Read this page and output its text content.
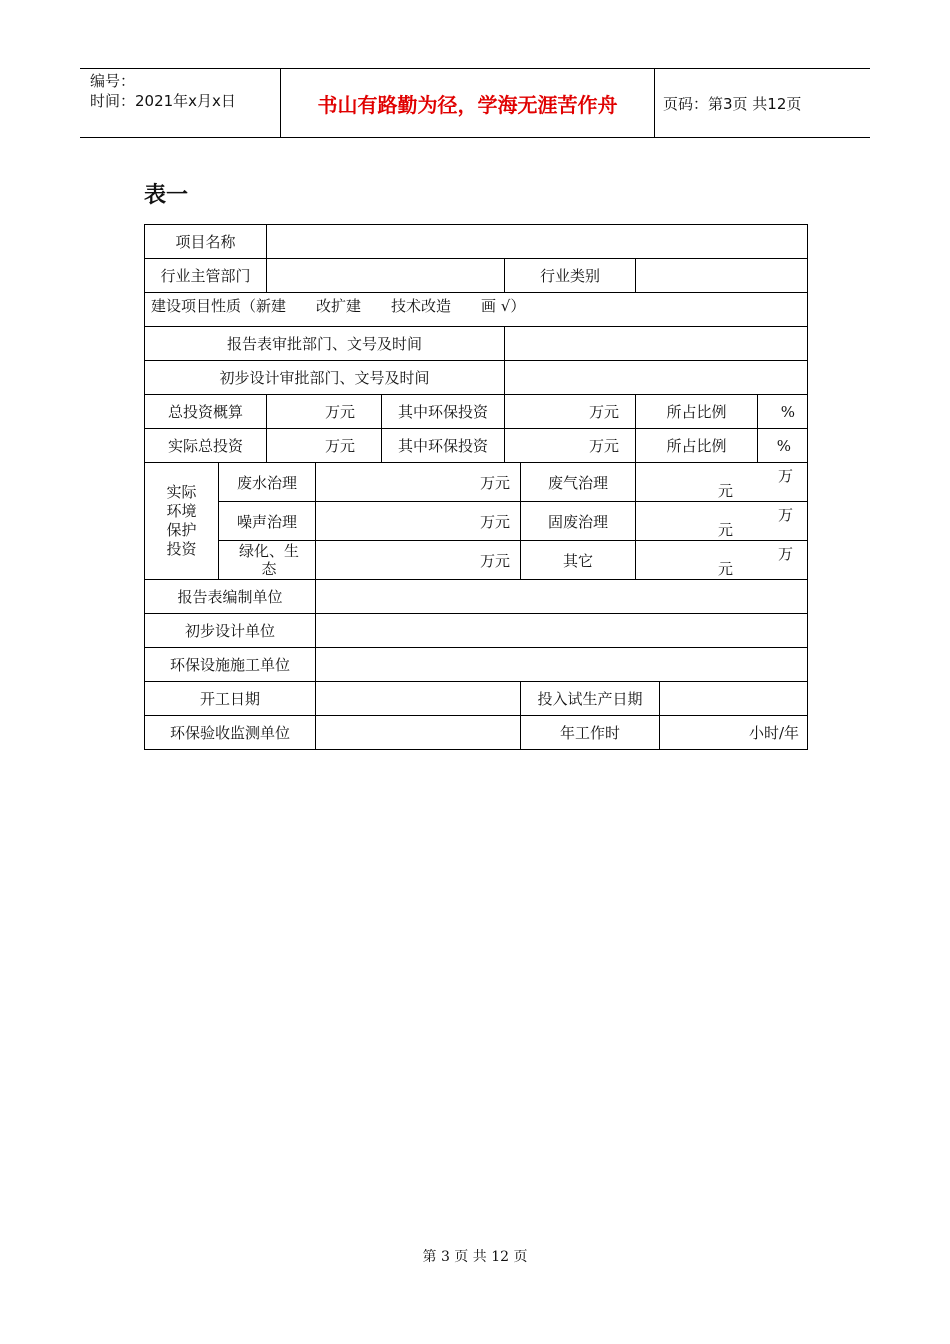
编号：
时间：2021年x月x日	书山有路勤为径，学海无涯苦作舟	页码：第3页 共12页
表一
项目名称									
行业主管部门					行业类别				
建设项目性质（新建　　改扩建　　技术改造　　画 √）									
报告表审批部门、文号及时间									
初步设计审批部门、文号及时间									
总投资概算		万元		其中环保投资	万元		所占比例		%
实际总投资		万元		其中环保投资	万元		所占比例		%
实际环境保护投资	废水治理		万元			废气治理	万
元		

	噪声治理		万元			固废治理	万
元		

	绿化、生态		万元			其它	万
元		

报告表编制单位									
初步设计单位									
环保设施施工单位									
开工日期						投入试生产日期			
环保验收监测单位						年工作时		小时/年	
第 3 页 共 12 页
